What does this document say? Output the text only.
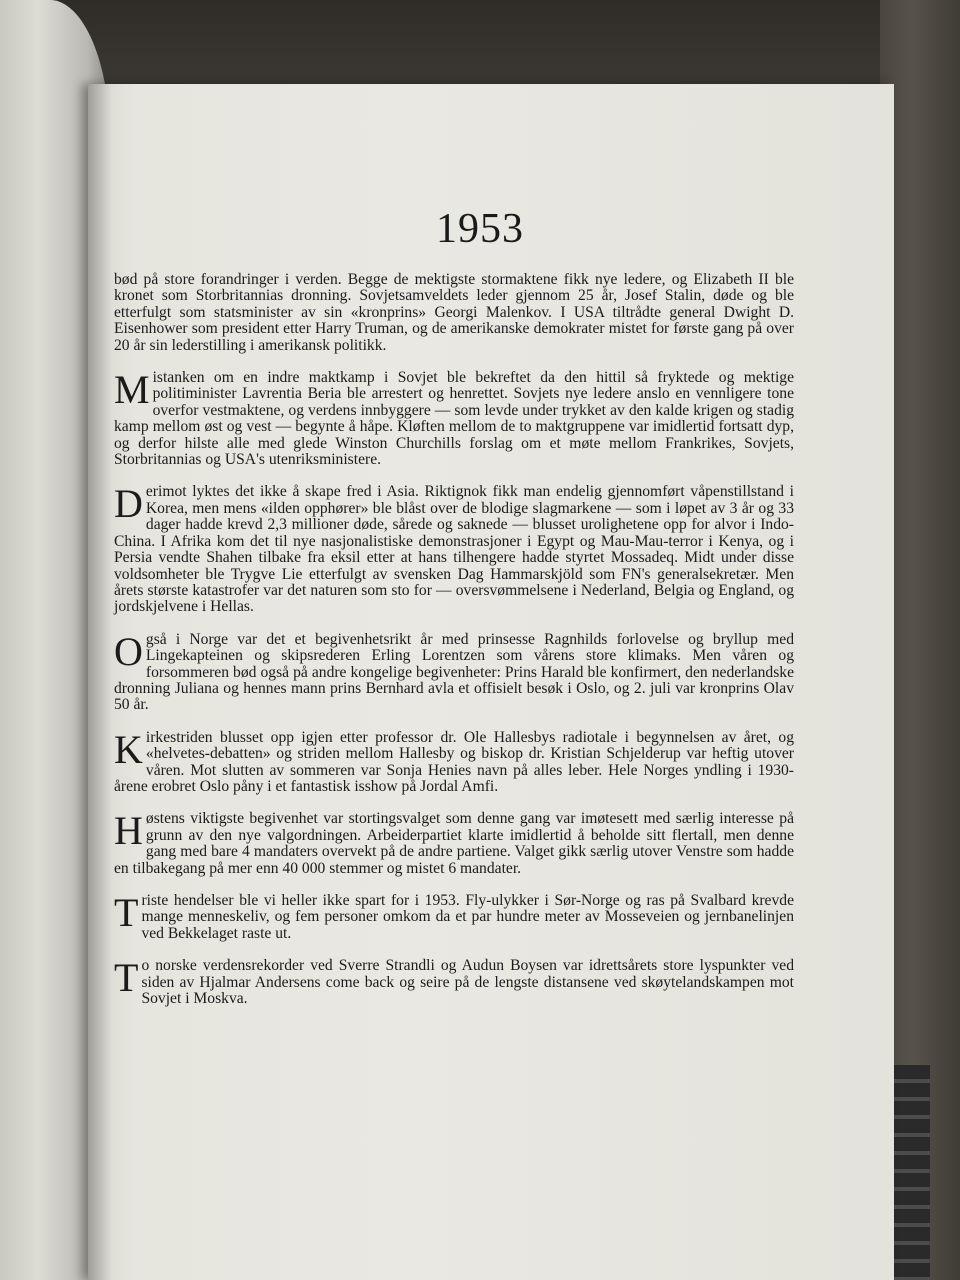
1953

bød på store forandringer i verden. Begge de mektigste stormaktene fikk nye ledere, og Elizabeth II ble kronet som Storbritannias dronning. Sovjetsamveldets leder gjennom 25 år, Josef Stalin, døde og ble etterfulgt som statsminister av sin «kronprins» Georgi Malenkov. I USA tiltrådte general Dwight D. Eisenhower som president etter Harry Truman, og de amerikanske demokrater mistet for første gang på over 20 år sin lederstilling i amerikansk politikk.

Mistanken om en indre maktkamp i Sovjet ble bekreftet da den hittil så fryktede og mektige politiminister Lavrentia Beria ble arrestert og henrettet. Sovjets nye ledere anslo en vennligere tone overfor vestmaktene, og verdens innbyggere — som levde under trykket av den kalde krigen og stadig kamp mellom øst og vest — begynte å håpe. Kløften mellom de to maktgruppene var imidlertid fortsatt dyp, og derfor hilste alle med glede Winston Churchills forslag om et møte mellom Frankrikes, Sovjets, Storbritannias og USA's utenriksministere.

Derimot lyktes det ikke å skape fred i Asia. Riktignok fikk man endelig gjennomført våpenstillstand i Korea, men mens «ilden opphører» ble blåst over de blodige slagmarkene — som i løpet av 3 år og 33 dager hadde krevd 2,3 millioner døde, sårede og saknede — blusset urolighetene opp for alvor i Indo-China. I Afrika kom det til nye nasjonalistiske demonstrasjoner i Egypt og Mau-Mau-terror i Kenya, og i Persia vendte Shahen tilbake fra eksil etter at hans tilhengere hadde styrtet Mossadeq. Midt under disse voldsomheter ble Trygve Lie etterfulgt av svensken Dag Hammarskjöld som FN's generalsekretær. Men årets største katastrofer var det naturen som sto for — oversvømmelsene i Nederland, Belgia og England, og jordskjelvene i Hellas.

Også i Norge var det et begivenhetsrikt år med prinsesse Ragnhilds forlovelse og bryllup med Lingekapteinen og skipsrederen Erling Lorentzen som vårens store klimaks. Men våren og forsommeren bød også på andre kongelige begivenheter: Prins Harald ble konfirmert, den nederlandske dronning Juliana og hennes mann prins Bernhard avla et offisielt besøk i Oslo, og 2. juli var kronprins Olav 50 år.

Kirkestriden blusset opp igjen etter professor dr. Ole Hallesbys radiotale i begynnelsen av året, og «helvetes-debatten» og striden mellom Hallesby og biskop dr. Kristian Schjelderup var heftig utover våren. Mot slutten av sommeren var Sonja Henies navn på alles leber. Hele Norges yndling i 1930-årene erobret Oslo påny i et fantastisk isshow på Jordal Amfi.

Høstens viktigste begivenhet var stortingsvalget som denne gang var imøtesett med særlig interesse på grunn av den nye valgordningen. Arbeiderpartiet klarte imidlertid å beholde sitt flertall, men denne gang med bare 4 mandaters overvekt på de andre partiene. Valget gikk særlig utover Venstre som hadde en tilbakegang på mer enn 40 000 stemmer og mistet 6 mandater.

Triste hendelser ble vi heller ikke spart for i 1953. Fly-ulykker i Sør-Norge og ras på Svalbard krevde mange menneskeliv, og fem personer omkom da et par hundre meter av Mosseveien og jernbanelinjen ved Bekkelaget raste ut.

To norske verdensrekorder ved Sverre Strandli og Audun Boysen var idrettsårets store lyspunkter ved siden av Hjalmar Andersens come back og seire på de lengste distansene ved skøytelandskampen mot Sovjet i Moskva.
